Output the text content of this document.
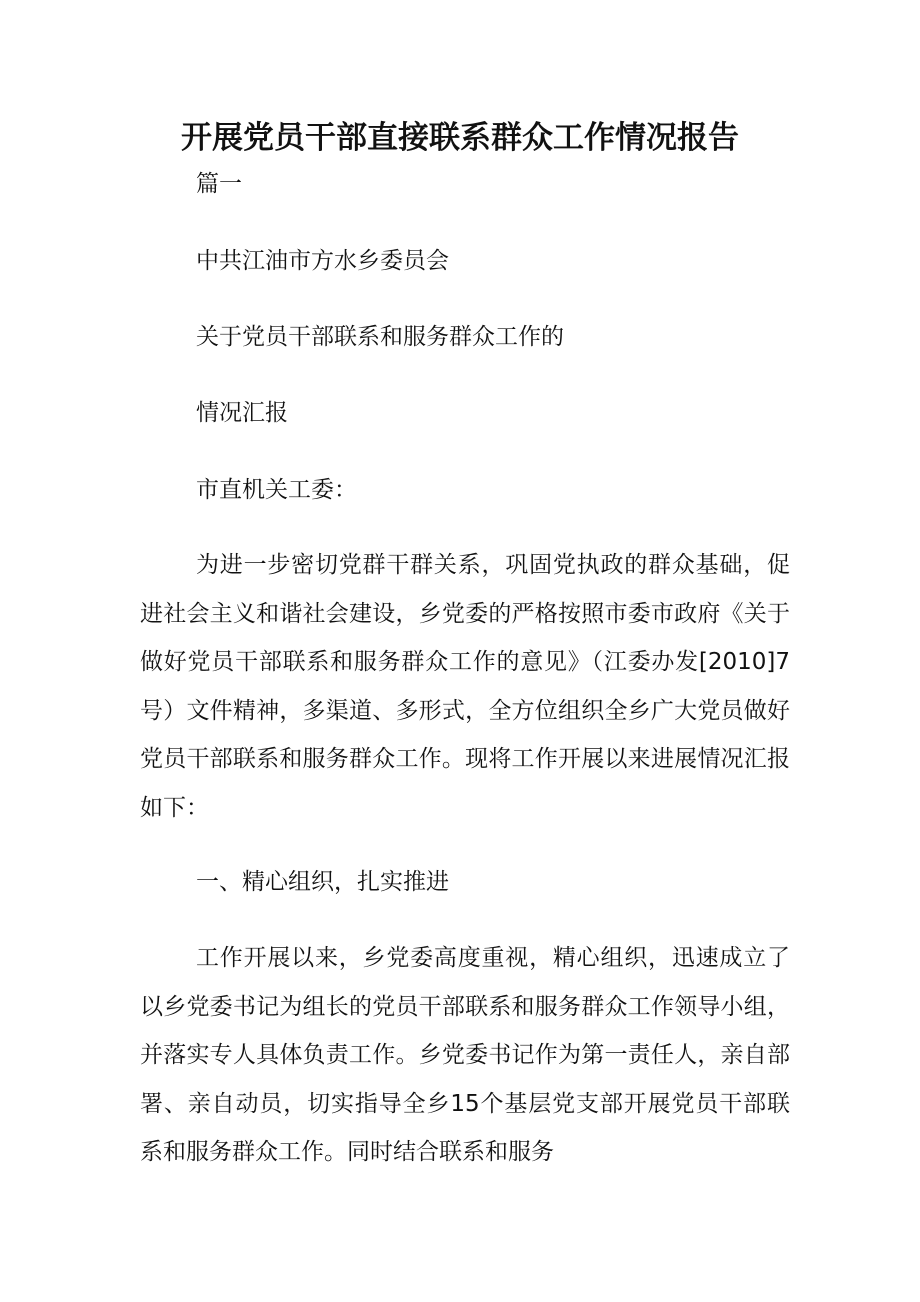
开展党员干部直接联系群众工作情况报告

篇一

中共江油市方水乡委员会

关于党员干部联系和服务群众工作的

情况汇报

市直机关工委：

为进一步密切党群干群关系，巩固党执政的群众基础，促进社会主义和谐社会建设，乡党委的严格按照市委市政府《关于做好党员干部联系和服务群众工作的意见》（江委办发[2010]7号）文件精神，多渠道、多形式，全方位组织全乡广大党员做好党员干部联系和服务群众工作。现将工作开展以来进展情况汇报如下：

一、精心组织，扎实推进

工作开展以来，乡党委高度重视，精心组织，迅速成立了以乡党委书记为组长的党员干部联系和服务群众工作领导小组，并落实专人具体负责工作。乡党委书记作为第一责任人，亲自部署、亲自动员，切实指导全乡15个基层党支部开展党员干部联系和服务群众工作。同时结合联系和服务
